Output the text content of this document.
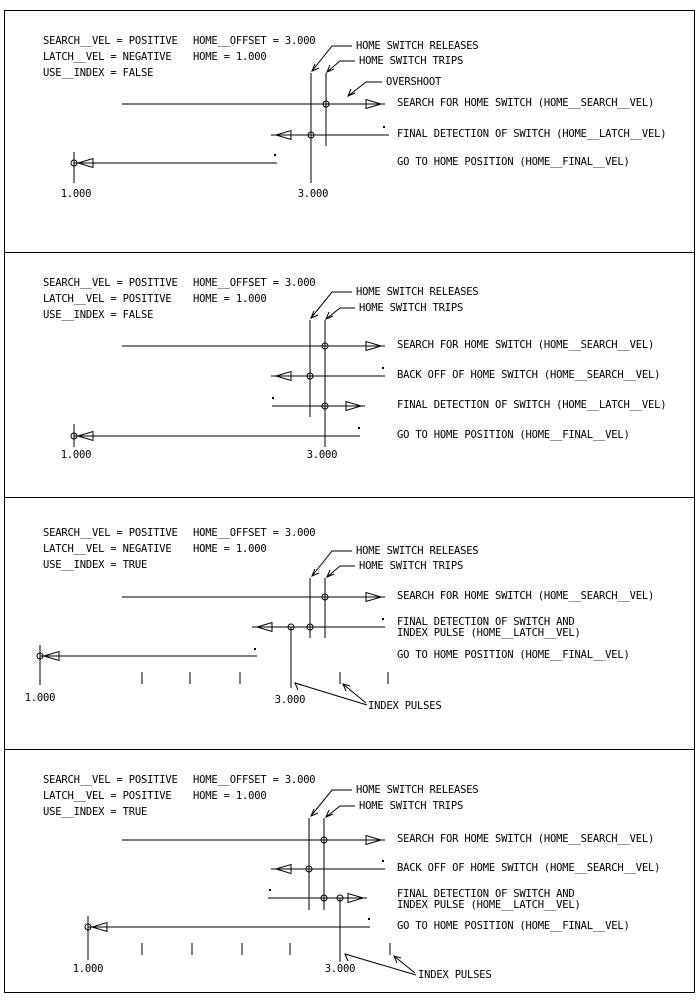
SEARCH__VEL = POSITIVE
LATCH__VEL = NEGATIVE
USE__INDEX = FALSE
HOME__OFFSET = 3.000
HOME = 1.000
HOME SWITCH RELEASES
HOME SWITCH TRIPS
OVERSHOOT
SEARCH FOR HOME SWITCH (HOME__SEARCH__VEL)
FINAL DETECTION OF SWITCH (HOME__LATCH__VEL)
GO TO HOME POSITION (HOME__FINAL__VEL)
1.000	3.000
SEARCH__VEL = POSITIVE
LATCH__VEL = POSITIVE
USE__INDEX = FALSE
HOME__OFFSET = 3.000
HOME = 1.000
HOME SWITCH RELEASES
HOME SWITCH TRIPS
SEARCH FOR HOME SWITCH (HOME__SEARCH__VEL)
BACK OFF OF HOME SWITCH (HOME__SEARCH__VEL)
FINAL DETECTION OF SWITCH (HOME__LATCH__VEL)
GO TO HOME POSITION (HOME__FINAL__VEL)
1.000	3.000
SEARCH__VEL = POSITIVE
LATCH__VEL = NEGATIVE
USE__INDEX = TRUE
HOME__OFFSET = 3.000
HOME = 1.000	HOME SWITCH RELEASES
HOME SWITCH TRIPS
SEARCH FOR HOME SWITCH (HOME__SEARCH__VEL)
FINAL DETECTION OF SWITCH AND
INDEX PULSE (HOME__LATCH__VEL)
GO TO HOME POSITION (HOME__FINAL__VEL)
INDEX PULSES
1.000	3.000
SEARCH__VEL = POSITIVE
LATCH__VEL = POSITIVE
USE__INDEX = TRUE
HOME__OFFSET = 3.000
HOME = 1.000	HOME SWITCH RELEASES
HOME SWITCH TRIPS
SEARCH FOR HOME SWITCH (HOME__SEARCH__VEL)
BACK OFF OF HOME SWITCH (HOME__SEARCH__VEL)
FINAL DETECTION OF SWITCH AND
INDEX PULSE (HOME__LATCH__VEL)
GO TO HOME POSITION (HOME__FINAL__VEL)
INDEX PULSES
1.000	3.000
